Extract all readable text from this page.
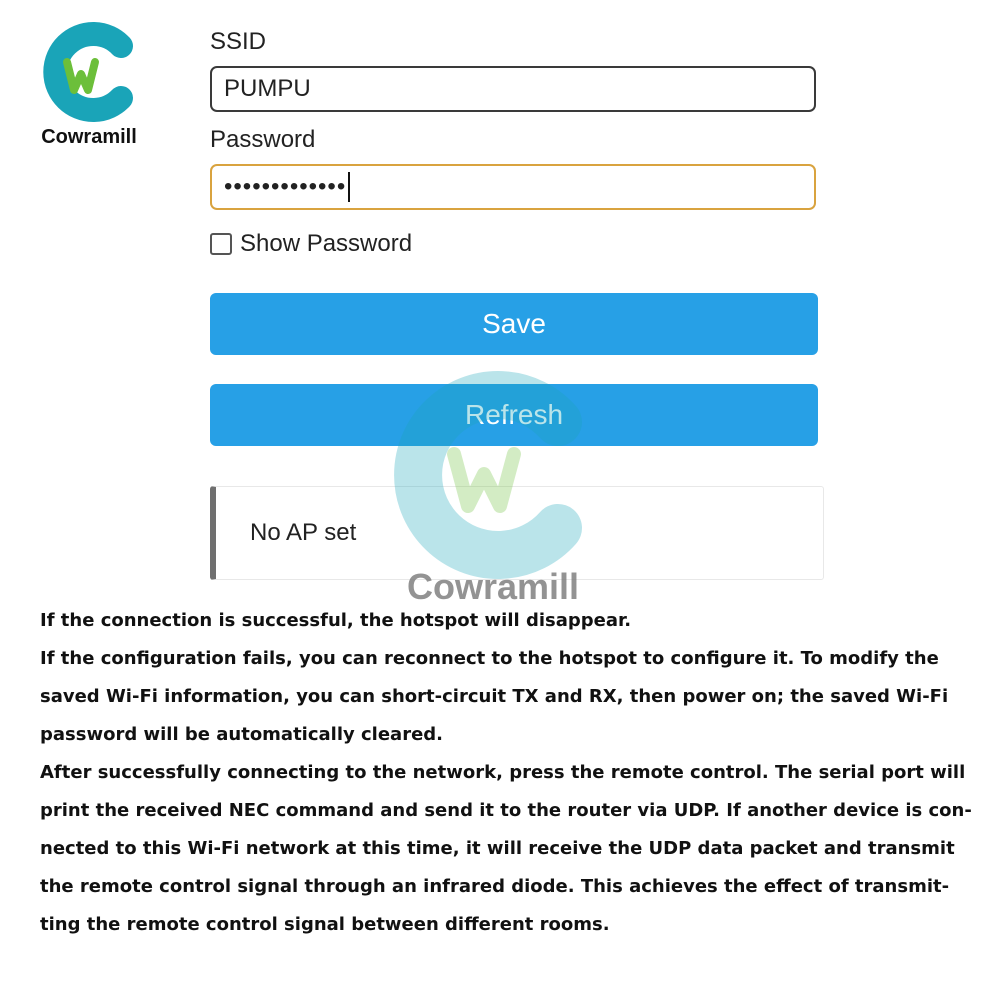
Cowramill
SSID
PUMPU
Password
•••••••••••••
Show Password
Save
Refresh
No AP set
Cowramill

If the connection is successful, the hotspot will disappear.

If the configuration fails, you can reconnect to the hotspot to configure it. To modify the

saved Wi-Fi information, you can short-circuit TX and RX, then power on; the saved Wi-Fi

password will be automatically cleared.

After successfully connecting to the network, press the remote control. The serial port will

print the received NEC command and send it to the router via UDP. If another device is con-

nected to this Wi-Fi network at this time, it will receive the UDP data packet and transmit

the remote control signal through an infrared diode. This achieves the effect of transmit-

ting the remote control signal between different rooms.
